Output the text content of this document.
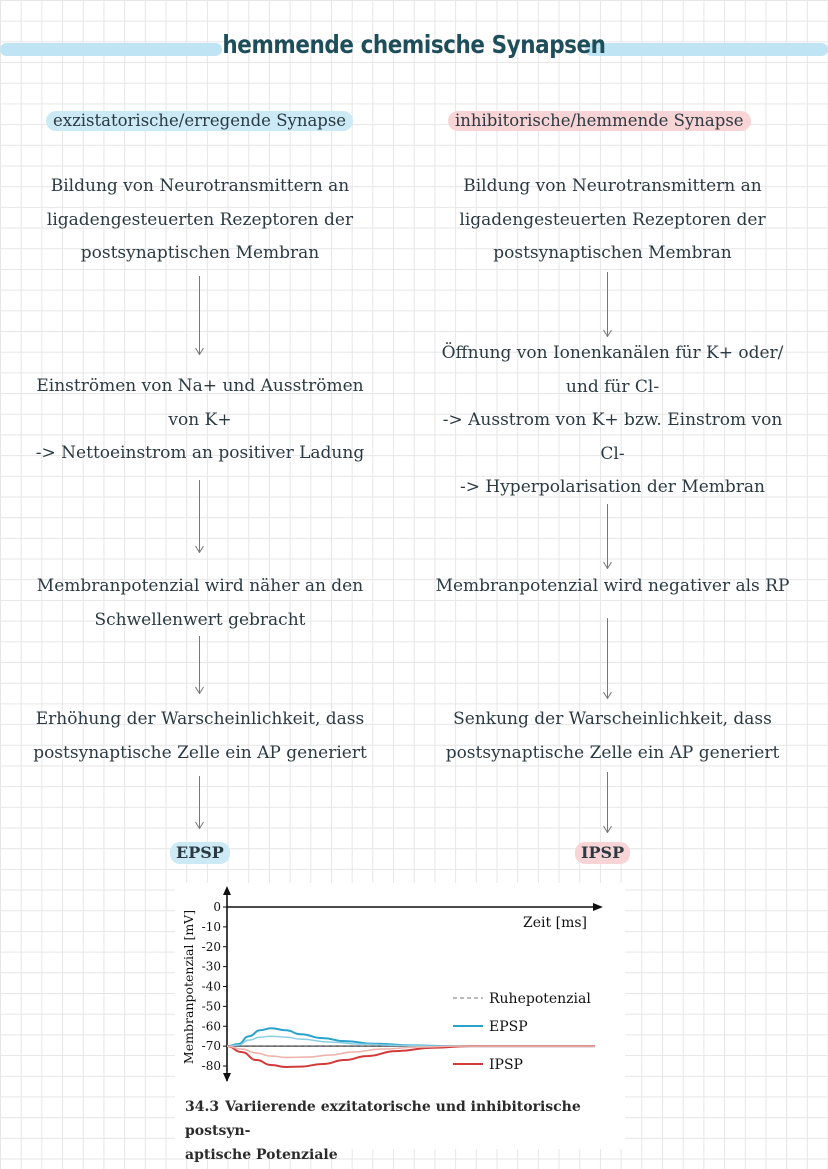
hemmende chemische Synapsen
exzistatorische/erregende Synapse	inhibitorische/hemmende Synapse
Bildung von Neurotransmittern an
ligadengesteuerten Rezeptoren der
postsynaptischen Membran
Einströmen von Na+ und Ausströmen
von K+
-> Nettoeinstrom an positiver Ladung
Membranpotenzial wird näher an den
Schwellenwert gebracht
Erhöhung der Warscheinlichkeit, dass
postsynaptische Zelle ein AP generiert
Bildung von Neurotransmittern an
ligadengesteuerten Rezeptoren der
postsynaptischen Membran
Öffnung von Ionenkanälen für K+ oder/
und für Cl-
-> Ausstrom von K+ bzw. Einstrom von
Cl-
-> Hyperpolarisation der Membran
Membranpotenzial wird negativer als RP
Senkung der Warscheinlichkeit, dass
postsynaptische Zelle ein AP generiert
EPSP	IPSP
Zeit [ms]
0
-10
-20
-30
-40
-50
-60
-70
-80
Membranpotenzial [mV]	Ruhepotenzial
EPSP
IPSP
34.3 Variierende exzitatorische und inhibitorische postsyn-
aptische Potenziale
